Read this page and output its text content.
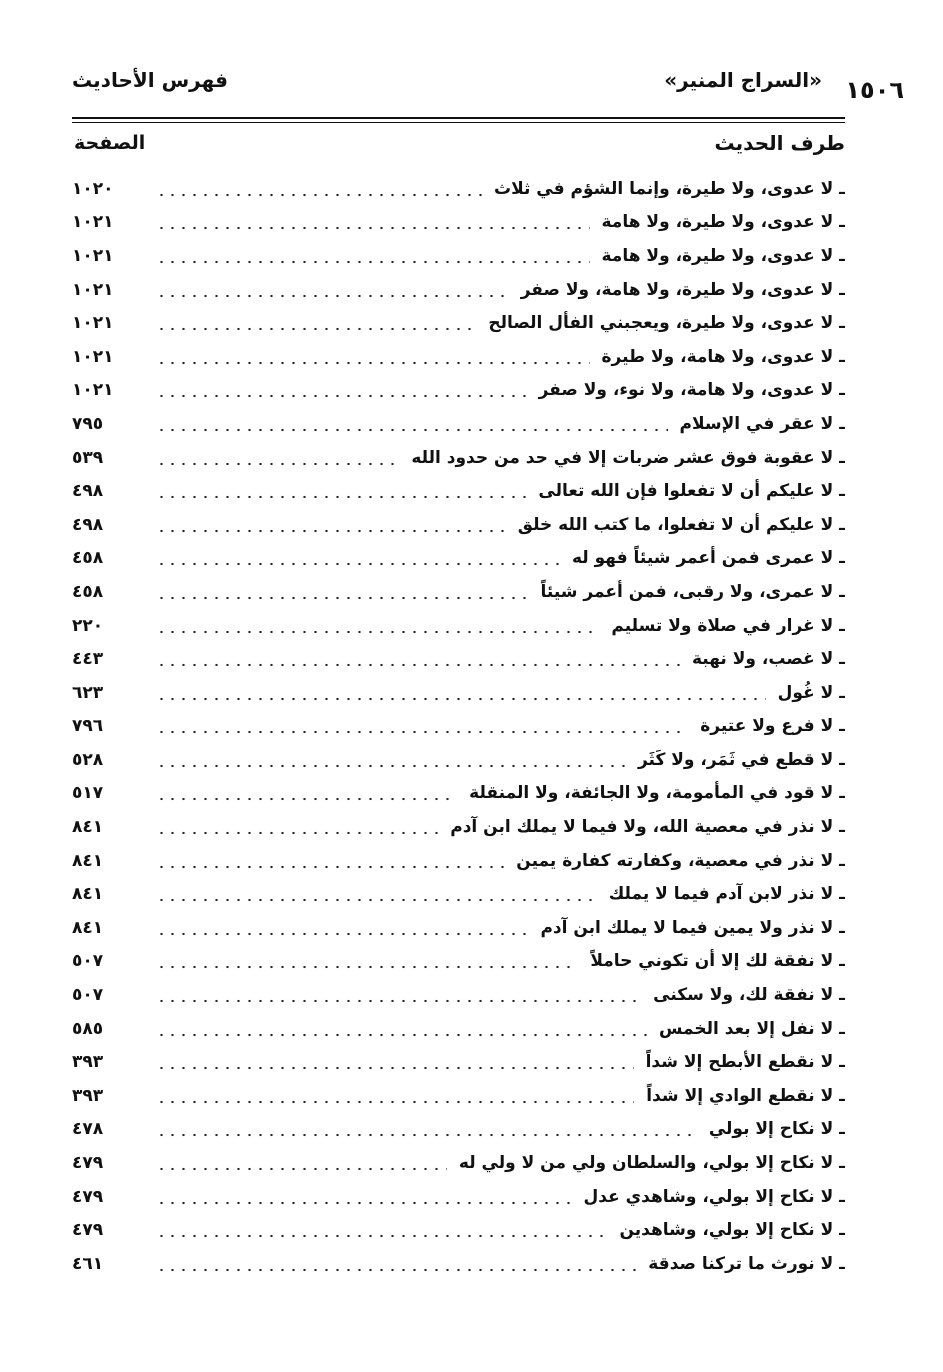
١٥٠٦
«السراج المنير»
فهرس الأحاديث
طرف الحديث
الصفحة
ـ لا عدوى، ولا طيرة، وإنما الشؤم في ثلاث
١٠٢٠
ـ لا عدوى، ولا طيرة، ولا هامة
١٠٢١
ـ لا عدوى، ولا طيرة، ولا هامة
١٠٢١
ـ لا عدوى، ولا طيرة، ولا هامة، ولا صفر
١٠٢١
ـ لا عدوى، ولا طيرة، ويعجبني الفأل الصالح
١٠٢١
ـ لا عدوى، ولا هامة، ولا طيرة
١٠٢١
ـ لا عدوى، ولا هامة، ولا نوء، ولا صفر
١٠٢١
ـ لا عقر في الإسلام
٧٩٥
ـ لا عقوبة فوق عشر ضربات إلا في حد من حدود الله
٥٣٩
ـ لا عليكم أن لا تفعلوا فإن الله تعالى
٤٩٨
ـ لا عليكم أن لا تفعلوا، ما كتب الله خلق
٤٩٨
ـ لا عمرى فمن أعمر شيئاً فهو له
٤٥٨
ـ لا عمرى، ولا رقبى، فمن أعمر شيئاً
٤٥٨
ـ لا غرار في صلاة ولا تسليم
٢٢٠
ـ لا غصب، ولا نهبة
٤٤٣
ـ لا غُول
٦٢٣
ـ لا فرع ولا عتيرة
٧٩٦
ـ لا قطع في ثَمَر، ولا كَثَر
٥٢٨
ـ لا قود في المأمومة، ولا الجائفة، ولا المنقلة
٥١٧
ـ لا نذر في معصية الله، ولا فيما لا يملك ابن آدم
٨٤١
ـ لا نذر في معصية، وكفارته كفارة يمين
٨٤١
ـ لا نذر لابن آدم فيما لا يملك
٨٤١
ـ لا نذر ولا يمين فيما لا يملك ابن آدم
٨٤١
ـ لا نفقة لك إلا أن تكوني حاملاً
٥٠٧
ـ لا نفقة لك، ولا سكنى
٥٠٧
ـ لا نفل إلا بعد الخمس
٥٨٥
ـ لا نقطع الأبطح إلا شداً
٣٩٣
ـ لا نقطع الوادي إلا شداً
٣٩٣
ـ لا نكاح إلا بولي
٤٧٨
ـ لا نكاح إلا بولي، والسلطان ولي من لا ولي له
٤٧٩
ـ لا نكاح إلا بولي، وشاهدي عدل
٤٧٩
ـ لا نكاح إلا بولي، وشاهدين
٤٧٩
ـ لا نورث ما تركنا صدقة
٤٦١
